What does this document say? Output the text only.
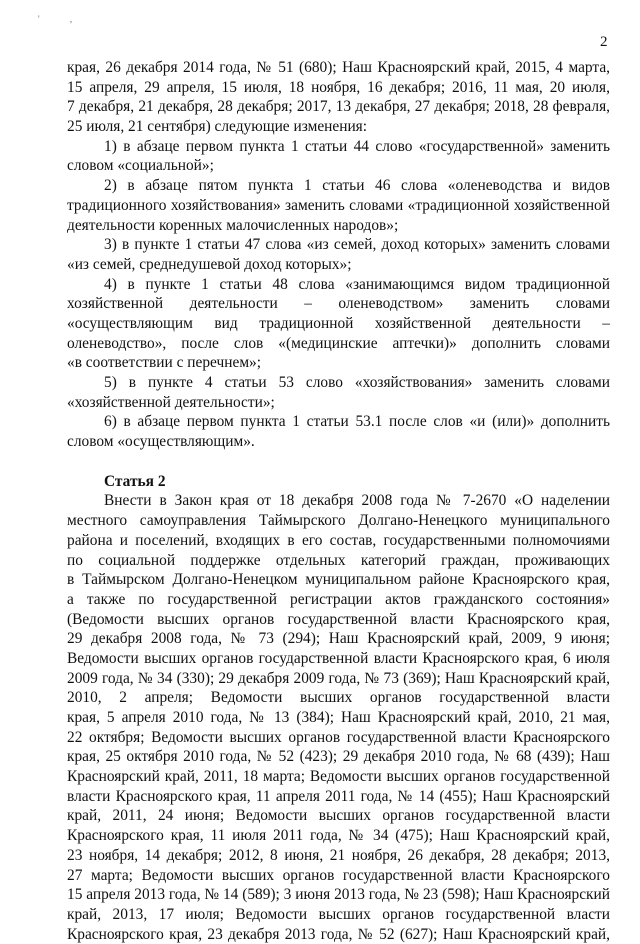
' ,
2
края, 26 декабря 2014 года, № 51 (680); Наш Красноярский край, 2015, 4 марта,
15 апреля, 29 апреля, 15 июля, 18 ноября, 16 декабря; 2016, 11 мая, 20 июля,
7 декабря, 21 декабря, 28 декабря; 2017, 13 декабря, 27 декабря; 2018, 28 февраля,
25 июля, 21 сентября) следующие изменения:
1) в абзаце первом пункта 1 статьи 44 слово «государственной» заменить
словом «социальной»;
2) в абзаце пятом пункта 1 статьи 46 слова «оленеводства и видов
традиционного хозяйствования» заменить словами «традиционной хозяйственной
деятельности коренных малочисленных народов»;
3) в пункте 1 статьи 47 слова «из семей, доход которых» заменить словами
«из семей, среднедушевой доход которых»;
4) в пункте 1 статьи 48 слова «занимающимся видом традиционной
хозяйственной деятельности – оленеводством» заменить словами
«осуществляющим вид традиционной хозяйственной деятельности –
оленеводство», после слов «(медицинские аптечки)» дополнить словами
«в соответствии с перечнем»;
5) в пункте 4 статьи 53 слово «хозяйствования» заменить словами
«хозяйственной деятельности»;
6) в абзаце первом пункта 1 статьи 53.1 после слов «и (или)» дополнить
словом «осуществляющим».
Статья 2
Внести в Закон края от 18 декабря 2008 года № 7-2670 «О наделении
местного самоуправления Таймырского Долгано-Ненецкого муниципального
района и поселений, входящих в его состав, государственными полномочиями
по социальной поддержке отдельных категорий граждан, проживающих
в Таймырском Долгано-Ненецком муниципальном районе Красноярского края,
а также по государственной регистрации актов гражданского состояния»
(Ведомости высших органов государственной власти Красноярского края,
29 декабря 2008 года, № 73 (294); Наш Красноярский край, 2009, 9 июня;
Ведомости высших органов государственной власти Красноярского края, 6 июля
2009 года, № 34 (330); 29 декабря 2009 года, № 73 (369); Наш Красноярский край,
2010, 2 апреля; Ведомости высших органов государственной власти
края, 5 апреля 2010 года, № 13 (384); Наш Красноярский край, 2010, 21 мая,
22 октября; Ведомости высших органов государственной власти Красноярского
края, 25 октября 2010 года, № 52 (423); 29 декабря 2010 года, № 68 (439); Наш
Красноярский край, 2011, 18 марта; Ведомости высших органов государственной
власти Красноярского края, 11 апреля 2011 года, № 14 (455); Наш Красноярский
край, 2011, 24 июня; Ведомости высших органов государственной власти
Красноярского края, 11 июля 2011 года, № 34 (475); Наш Красноярский край,
23 ноября, 14 декабря; 2012, 8 июня, 21 ноября, 26 декабря, 28 декабря; 2013,
27 марта; Ведомости высших органов государственной власти Красноярского
15 апреля 2013 года, № 14 (589); 3 июня 2013 года, № 23 (598); Наш Красноярский
край, 2013, 17 июля; Ведомости высших органов государственной власти
Красноярского края, 23 декабря 2013 года, № 52 (627); Наш Красноярский край,
